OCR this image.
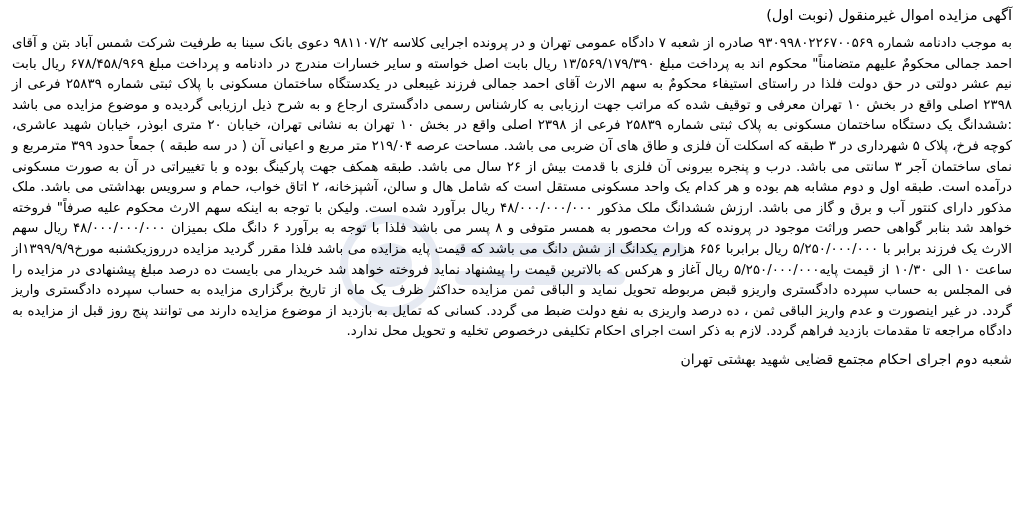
آگهی مزایده اموال غیرمنقول (نوبت اول)

به موجب دادنامه شماره ۹۳۰۹۹۸۰۲۲۶۷۰۰۵۶۹ صادره از شعبه ۷ دادگاه عمومی تهران و در پرونده اجرایی کلاسه ۹۸۱۱۰۷/۲ دعوی بانک سینا به طرفیت شرکت شمس آباد بتن و آقای احمد جمالی محکومٌ علیهم متضامناً" محکوم اند به پرداخت مبلغ ۱۳/۵۶۹/۱۷۹/۳۹۰ ریال بابت اصل خواسته و سایر خسارات مندرج در دادنامه و پرداخت مبلغ ۶۷۸/۴۵۸/۹۶۹ ریال بابت نیم عشر دولتی در حق دولت فلذا در راستای استیفاء محکومٌ به سهم الارث آقای احمد جمالی فرزند غیبعلی در یکدستگاه ساختمان مسکونی با پلاک ثبتی شماره ۲۵۸۳۹ فرعی از ۲۳۹۸ اصلی واقع در بخش ۱۰ تهران معرفی و توقیف شده که مراتب جهت ارزیابی به کارشناس رسمی دادگستری ارجاع و به شرح ذیل ارزیابی گردیده و موضوع مزایده می باشد :ششدانگ یک دستگاه ساختمان مسکونی به پلاک ثبتی شماره ۲۵۸۳۹ فرعی از ۲۳۹۸ اصلی واقع در بخش ۱۰ تهران به نشانی تهران، خیابان ۲۰ متری ابوذر، خیابان شهید عاشری، کوچه فرخ، پلاک ۵ شهرداری در ۳ طبقه که اسکلت آن فلزی و طاق های آن ضربی می باشد. مساحت عرصه ۲۱۹/۰۴ متر مربع و اعیانی آن ( در سه طبقه ) جمعاً حدود ۳۹۹ مترمربع و نمای ساختمان آجر ۳ سانتی می باشد. درب و پنجره بیرونی آن فلزی با قدمت بیش از ۲۶ سال می باشد. طبقه همکف جهت پارکینگ بوده و با تغییراتی در آن به صورت مسکونی درآمده است. طبقه اول و دوم مشابه هم بوده و هر کدام یک واحد مسکونی مستقل است که شامل هال و سالن، آشپزخانه، ۲ اتاق خواب، حمام و سرویس بهداشتی می باشد. ملک مذکور دارای کنتور آب و برق و گاز می باشد. ارزش ششدانگ ملک مذکور ۴۸/۰۰۰/۰۰۰/۰۰۰ ریال برآورد شده است. ولیکن با توجه به اینکه سهم الارث محکوم علیه صرفاً" فروخته خواهد شد بنابر گواهی حصر وراثت موجود در پرونده که وراث محصور به همسر متوفی و ۸ پسر می باشد فلذا با توجه به برآورد ۶ دانگ ملک بمیزان ۴۸/۰۰۰/۰۰۰/۰۰۰ ریال سهم الارث یک فرزند برابر با ۵/۲۵۰/۰۰۰/۰۰۰ ریال برابربا ۶۵۶ هزارم یکدانگ از شش دانگ می باشد که قیمت پایه مزایده می باشد فلذا مقرر گردید مزایده درروزیکشنبه مورخ۱۳۹۹/۹/۹از ساعت ۱۰ الی ۱۰/۳۰ از قیمت پایه۵/۲۵۰/۰۰۰/۰۰۰ ریال آغاز و هرکس که بالاترین قیمت را پیشنهاد نماید فروخته خواهد شد خریدار می بایست ده درصد مبلغ پیشنهادی در مزایده را فی المجلس به حساب سپرده دادگستری واریزو قبض مربوطه تحویل نماید و الباقی ثمن مزایده حداکثر ظرف یک ماه از تاریخ برگزاری مزایده به حساب سپرده دادگستری واریز گردد. در غیر اینصورت و عدم واریز الباقی ثمن ، ده درصد واریزی به نفع دولت ضبط می گردد. کسانی که تمایل به بازدید از موضوع مزایده دارند می توانند پنج روز قبل از مزایده به دادگاه مراجعه تا مقدمات بازدید فراهم گردد. لازم به ذکر است اجرای احکام تکلیفی درخصوص تخلیه و تحویل محل ندارد.

شعبه دوم اجرای احکام مجتمع قضایی شهید بهشتی تهران
